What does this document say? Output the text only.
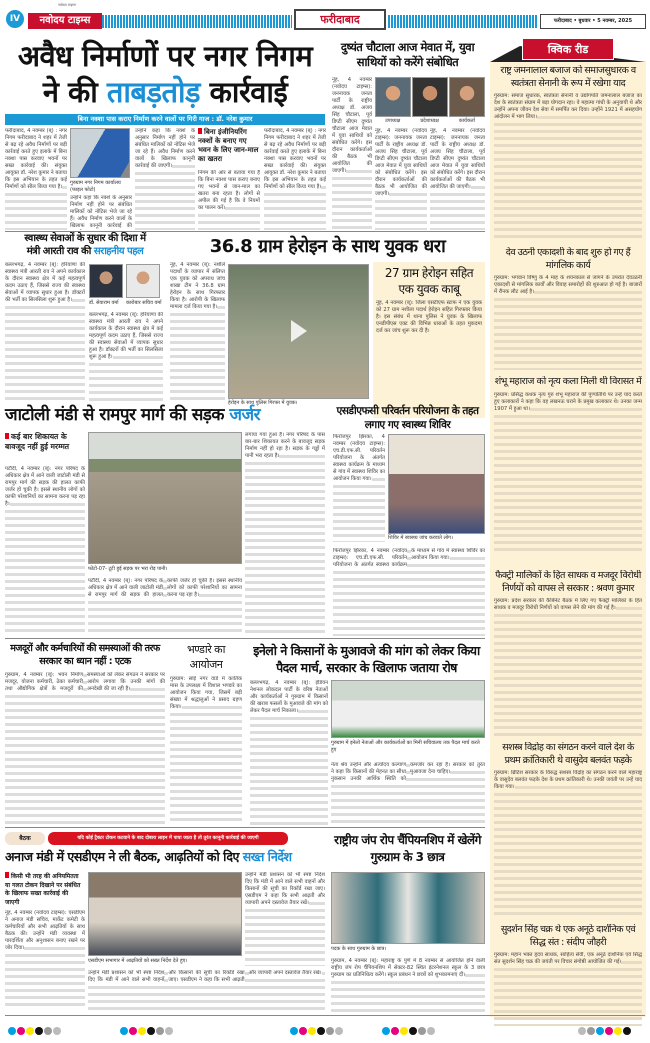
IV
नवोदय टाइम्स
नवोदय टाइम्स	फरीदाबाद	फरीदाबाद • बुधवार • 5 नवम्बर, 2025
अवैध निर्माणों पर नगर निगम
ने की ताबड़तोड़ कार्रवाई
बिना नक्शा पास कराए निर्माण करने वालों पर गिरी गाज : डॉ. नरेश कुमार
फरीदाबाद, 4 नवम्बर (ब्) : नगर निगम फरीदाबाद ने शहर में तेजी से बढ़ रहे अवैध निर्माणों पर बड़ी कार्रवाई करते हुए इलाके में बिना नक्शा पास करवाए भवनों पर सख्त कार्रवाई की। संयुक्त आयुक्त डॉ. नरेश कुमार ने बताया कि इस अभियान के तहत कई निर्माणों को सील किया गया है।
गुरुग्राम नगर निगम कार्यालय (फाइल फोटो)
उन्होंने कहा कि नक्शे के अनुसार निर्माण नहीं होने पर संबंधित मालिकों को नोटिस भेजे जा रहे हैं। अवैध निर्माण करने वालों के खिलाफ कानूनी कार्रवाई की
उन्होंने कहा कि नक्शे के अनुसार निर्माण नहीं होने पर संबंधित मालिकों को नोटिस भेजे जा रहे हैं। अवैध निर्माण करने वालों के खिलाफ कानूनी कार्रवाई की जाएगी।
बिना इंजीनियरिंग नक्शों के बनाए गए भवन के लिए जान-माल का खतरा
निगम की ओर से बताया गया है कि बिना नक्शा पास कराए बनाए गए भवनों से जान-माल का खतरा बना रहता है। लोगों से अपील की गई है कि वे नियमों का पालन करें।
फरीदाबाद, 4 नवम्बर (ब्) : नगर निगम फरीदाबाद ने शहर में तेजी से बढ़ रहे अवैध निर्माणों पर बड़ी कार्रवाई करते हुए इलाके में बिना नक्शा पास करवाए भवनों पर सख्त कार्रवाई की। संयुक्त आयुक्त डॉ. नरेश कुमार ने बताया कि इस अभियान के तहत कई निर्माणों को सील किया गया है।
दुष्यंत चौटाला आज मेवात में, युवा साथियों को करेंगे संबोधित
नूंह, 4 नवम्बर (नवोदय टाइम्स): जननायक जनता पार्टी के राष्ट्रीय अध्यक्ष डॉ. अजय सिंह चौटाला, पूर्व डिप्टी सीएम दुष्यंत चौटाला आज मेवात में युवा साथियों को संबोधित करेंगे। इस दौरान कार्यकर्ताओं की बैठक भी आयोजित की जाएगी।
उपाध्यक्ष	प्रदेशाध्यक्ष	कार्यकर्ता
नूंह, 4 नवम्बर (नवोदय टाइम्स): जननायक जनता पार्टी के राष्ट्रीय अध्यक्ष डॉ. अजय सिंह चौटाला, पूर्व डिप्टी सीएम दुष्यंत चौटाला आज मेवात में युवा साथियों को संबोधित करेंगे। इस दौरान कार्यकर्ताओं की बैठक भी आयोजित की जाएगी।
नूंह, 4 नवम्बर (नवोदय टाइम्स): जननायक जनता पार्टी के राष्ट्रीय अध्यक्ष डॉ. अजय सिंह चौटाला, पूर्व डिप्टी सीएम दुष्यंत चौटाला आज मेवात में युवा साथियों को संबोधित करेंगे। इस दौरान कार्यकर्ताओं की बैठक भी आयोजित की जाएगी।
क्विक रीड
राष्ट्र जमनालाल बजाज को समाजसुधारक व स्वतंत्रता सेनानी के रूप में रखेगा याद
गुरुग्राम: समाज सुधारक, स्वतंत्रता सेनानी व उद्योगपति जमनालाल बजाज का देश के स्वतंत्रता संग्राम में बड़ा योगदान रहा। वे महात्मा गांधी के अनुयायी थे और उन्होंने अपना जीवन देश सेवा में समर्पित कर दिया। उन्होंने 1921 में असहयोग आंदोलन में भाग लिया।
देव उठनी एकादशी के बाद शुरु हो गए हैं मांगलिक कार्य
गुरुग्राम: भगवान विष्णु के 4 माह के शयनकाल से जागने के उपरांत देवउठनी एकादशी से मांगलिक कार्यों और विवाह समारोहों की शुरुआत हो गई है। बाजारों में रौनक लौट आई है।
शंभू महाराज को नृत्य कला मिली थी विरासत में
गुरुग्राम: प्रसिद्ध कथक नृत्य गुरु शंभू महाराज की पुण्यतिथि पर उन्हें याद करते हुए कलाकारों ने कहा कि वह लखनऊ घराने के प्रमुख कलाकार थे। उनका जन्म 1907 में हुआ था।
फैक्ट्री मालिकों के हित साधक व मजदूर विरोधी निर्णयों को वापस ले सरकार : श्रवण कुमार
गुरुग्राम: प्रदेश सरकार की कैबिनेट बैठक में लिए गए फैक्ट्री मालिकों के हित साधक व मजदूर विरोधी निर्णयों को वापस लेने की मांग की गई है।
सशस्त्र विद्रोह का संगठन करने वाले देश के प्रथम क्रांतिकारी थे वासुदेव बलवंत फड़के
गुरुग्राम: ब्रिटिश सरकार के विरुद्ध सशस्त्र विद्रोह का संगठन करने वाले महाराष्ट्र के वासुदेव बलवंत फड़के देश के प्रथम क्रांतिकारी थे। उनकी जयंती पर उन्हें याद किया गया।
सुदर्शन सिंह चक्र थे एक अनूठे दार्शनिक एवं सिद्ध संत : संदीप जौहरी
गुरुग्राम: महान भक्त हृदय साधक, साहित्य सेवी, एक अनूठे दार्शनिक एवं सिद्ध संत सुदर्शन सिंह चक्र की जयंती पर विचार संगोष्ठी आयोजित की गई।
स्वास्थ्य सेवाओं के सुधार की दिशा में
मंत्री आरती राव की सराहनीय पहल
बल्लभगढ़, 4 नवम्बर (ब्): हरियाणा की स्वास्थ्य मंत्री आरती राव ने अपने कार्यकाल के दौरान स्वास्थ्य क्षेत्र में कई महत्वपूर्ण कदम उठाए हैं, जिससे राज्य की स्वास्थ्य सेवाओं में व्यापक सुधार हुआ है। डॉक्टरों की भर्ती का सिलसिला शुरू हुआ है।	डॉ. सेवाराम वर्मा	कारोबार सचिव वर्मा
बल्लभगढ़, 4 नवम्बर (ब्): हरियाणा की स्वास्थ्य मंत्री आरती राव ने अपने कार्यकाल के दौरान स्वास्थ्य क्षेत्र में कई महत्वपूर्ण कदम उठाए हैं, जिससे राज्य की स्वास्थ्य सेवाओं में व्यापक सुधार हुआ है। डॉक्टरों की भर्ती का सिलसिला शुरू हुआ है।
36.8 ग्राम हेरोइन के साथ युवक धरा
नूंह, 4 नवम्बर (ब्): नशीले पदार्थों के व्यापार में संलिप्त एक युवक को अपराध जांच शाखा टीम ने 36.8 ग्राम हेरोइन के साथ गिरफ्तार किया है। आरोपी के खिलाफ मामला दर्ज किया गया है।
हेरोइन के साथ पुलिस गिरफ्त में युवक।
27 ग्राम हेरोइन सहित एक युवक काबू
नूंह, 4 नवम्बर (ब्): जिला एसटीएफ स्टाफ ने एक युवक को 27 ग्राम नशीला पदार्थ हेरोइन सहित गिरफ्तार किया है। इस संबंध में थाना पुलिस ने युवक के खिलाफ एनडीपीएस एक्ट की विभिन्न धाराओं के तहत मुकदमा दर्ज कर जांच शुरू कर दी है।
जाटोली मंडी से रामपुर मार्ग की सड़क जर्जर
कई बार शिकायत के बावजूद नहीं हुई मरम्मत
पटौदी, 4 नवम्बर (ब्): नगर परिषद के अधिकार क्षेत्र में आने वाली जाटोली मंडी से रामपुर मार्ग की सड़क की हालत काफी जर्जर हो चुकी है। इससे स्थानीय लोगों को काफी परेशानियों का सामना करना पड़ रहा है।
फोटो-07- टूटी हुई सड़क पर भरा रोड़ पानी।
लगाया गया हुआ है। नगर परिषद के पास बार-बार शिकायत करने के बावजूद सड़क निर्माण नहीं हो रहा है। सड़क के गड्ढों में पानी भरा रहता है।
पटौदी, 4 नवम्बर (ब्): नगर परिषद के अधिकार क्षेत्र में आने वाली जाटोली मंडी से रामपुर मार्ग की सड़क की हालत काफी जर्जर हो चुकी है। इससे स्थानीय लोगों को काफी परेशानियों का सामना करना पड़ रहा है।
एसडीएफसी परिवर्तन परियोजना के तहत लगाए गए स्वास्थ्य शिविर
फिरोजपुर झिरका, 4 नवम्बर (नवोदय टाइम्स): एच.डी.एफ.सी. परिवर्तन परियोजना के अंतर्गत स्वास्थ्य कार्यक्रम के माध्यम से गांव में स्वास्थ्य शिविर का आयोजन किया गया।
शिविर में स्वास्थ्य जांच करवाते लोग।
फिरोजपुर झिरका, 4 नवम्बर (नवोदय टाइम्स): एच.डी.एफ.सी. परिवर्तन परियोजना के अंतर्गत स्वास्थ्य कार्यक्रम के माध्यम से गांव में स्वास्थ्य शिविर का आयोजन किया गया।
मजदूरों और कर्मचारियों की समस्याओं की तरफ सरकार का ध्यान नहीं : एटक
गुरुग्राम, 4 नवम्बर (ब्): भवन निर्माण मजदूर, योजना कर्मचारी, ठेका कर्मचारी तथा औद्योगिक क्षेत्रों के मजदूरों की समस्याओं को लेकर संगठन ने सरकार पर आरोप लगाया कि उनकी मांगों की अनदेखी की जा रही है।
भण्डारे का आयोजन
गुरुग्राम: सांई नगर वार्ड में कार्तिक मास के उपलक्ष्य में विशाल भण्डारे का आयोजन किया गया, जिसमें बड़ी संख्या में श्रद्धालुओं ने प्रसाद ग्रहण किया।
इनेलो ने किसानों के मुआवजे की मांग को लेकर किया पैदल मार्च, सरकार के खिलाफ जताया रोष
बल्लभगढ़, 4 नवम्बर (ब्): इंडियन नेशनल लोकदल पार्टी के वरिष्ठ नेताओं और कार्यकर्ताओं ने गुरुग्राम में किसानों की खराब फसलों के मुआवजे की मांग को लेकर पैदल मार्च निकाला।
गुरुग्राम में इनेलो नेताओं और कार्यकर्ताओं का मिनी सचिवालय तक पैदल मार्च करते हुए
नेता श्रेय उन्होंने और अंत्योदय कल्याण ने कहा कि किसानों की मेहनत का सीधा नुकसान उनकी आर्थिक स्थिति को कमजोर कर रहा है। सरकार को तुरंत मुआवजा देना चाहिए।
बैठक	यदि कोई ट्रैक्टर टोकन कटवाने के बाद दोबारा लाइन में पाया जाता है तो तुरंत कानूनी कार्रवाई की जाएगी
अनाज मंडी में एसडीएम ने ली बैठक, आढ़तियों को दिए सख्त निर्देश
किसी भी तरह की अनियमितता या गलत टोकन दिखाने पर संबंधित के खिलाफ सख्त कार्रवाई की जाएगी
नूंह, 4 नवम्बर (नवोदय टाइम्स): एसडीएम ने अनाज मंडी सचिव, मार्केट कमेटी के कर्मचारियों और सभी आढ़तियों के साथ बैठक की। उन्होंने मंडी व्यवस्था में पारदर्शिता और अनुशासन बनाए रखने पर जोर दिया।
एसडीएम सभागार में आढ़तियों को सख्त निर्देश देते हुए।
उन्होंने मंडी प्रशासन को भी स्पष्ट निर्देश दिए कि मंडी में आने वाले सभी वाहनों और किसानों की सूची का रिकॉर्ड रखा जाए। एसडीएम ने कहा कि सभी आढ़ती और व्यापारी अपने दस्तावेज तैयार रखें।
उन्होंने मंडी प्रशासन को भी स्पष्ट निर्देश दिए कि मंडी में आने वाले सभी वाहनों और किसानों की सूची का रिकॉर्ड रखा जाए। एसडीएम ने कहा कि सभी आढ़ती और व्यापारी अपने दस्तावेज तैयार रखें।
राष्ट्रीय जंप रोप चैंपियनशिप में खेलेंगे गुरुग्राम के 3 छात्र
पदक के साथ गुरुग्राम के छात्र।
गुरुग्राम, 4 नवम्बर (ब्): महाराष्ट्र के पुणे में 8 नवम्बर से आयोजित होने वाली राष्ट्रीय जंप रोप चैंपियनशिप में सेक्टर-82 स्थित इंटरनेशनल स्कूल के 3 छात्र गुरुग्राम का प्रतिनिधित्व करेंगे। स्कूल प्रबंधन ने छात्रों को शुभकामनाएं दीं।
